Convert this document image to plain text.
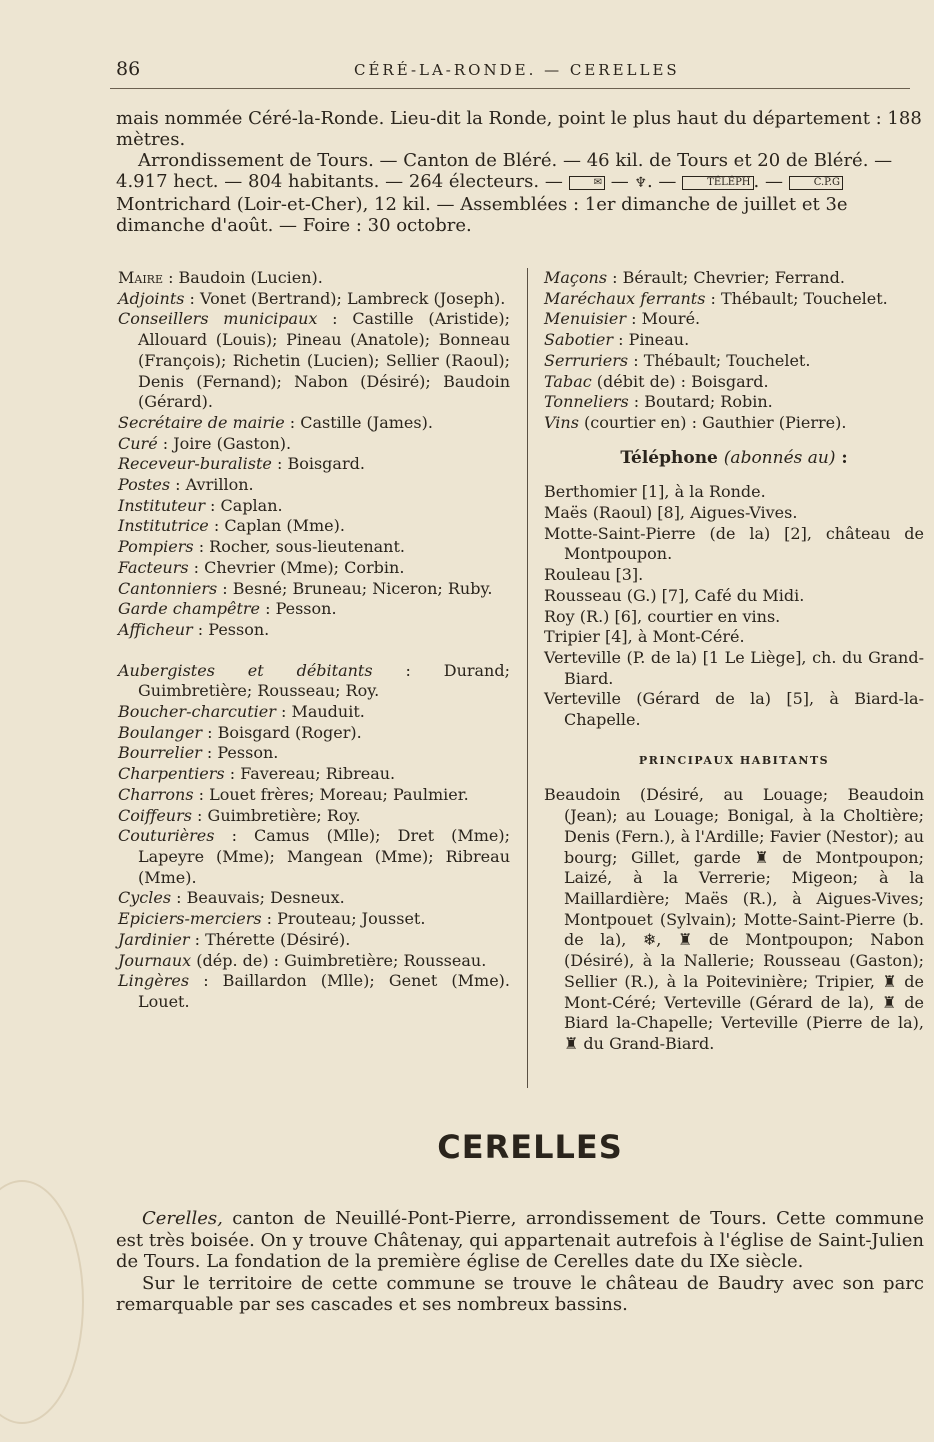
86	CÉRÉ-LA-RONDE. — CERELLES

mais nommée Céré-la-Ronde. Lieu-dit la Ronde, point le plus haut du département : 188 mètres.

Arrondissement de Tours. — Canton de Bléré. — 46 kil. de Tours et 20 de Bléré. — 4.917 hect. — 804 habitants. — 264 électeurs. —	✉ — ♆. —	TÉLÉPH . —	C.P.G Montrichard (Loir-et-Cher), 12 kil. — Assemblées : 1er dimanche de juillet et 3e dimanche d'août. — Foire : 30 octobre.

Maire : Baudoin (Lucien).

Adjoints : Vonet (Bertrand); Lambreck (Joseph).

Conseillers municipaux : Castille (Aristide); Allouard (Louis); Pineau (Anatole); Bonneau (François); Richetin (Lucien); Sellier (Raoul); Denis (Fernand); Nabon (Désiré); Baudoin (Gérard).

Secrétaire de mairie : Castille (James).

Curé : Joire (Gaston).

Receveur-buraliste : Boisgard.

Postes : Avrillon.

Instituteur : Caplan.

Institutrice : Caplan (Mme).

Pompiers : Rocher, sous-lieutenant.

Facteurs : Chevrier (Mme); Corbin.

Cantonniers : Besné; Bruneau; Niceron; Ruby.

Garde champêtre : Pesson.

Afficheur : Pesson.

Aubergistes et débitants : Durand; Guimbretière; Rousseau; Roy.

Boucher-charcutier : Mauduit.

Boulanger : Boisgard (Roger).

Bourrelier : Pesson.

Charpentiers : Favereau; Ribreau.

Charrons : Louet frères; Moreau; Paulmier.

Coiffeurs : Guimbretière; Roy.

Couturières : Camus (Mlle); Dret (Mme); Lapeyre (Mme); Mangean (Mme); Ribreau (Mme).

Cycles : Beauvais; Desneux.

Epiciers-merciers : Prouteau; Jousset.

Jardinier : Thérette (Désiré).

Journaux (dép. de) : Guimbretière; Rousseau.

Lingères : Baillardon (Mlle); Genet (Mme). Louet.

Maçons : Bérault; Chevrier; Ferrand.

Maréchaux ferrants : Thébault; Touchelet.

Menuisier : Mouré.

Sabotier : Pineau.

Serruriers : Thébault; Touchelet.

Tabac (débit de) : Boisgard.

Tonneliers : Boutard; Robin.

Vins (courtier en) : Gauthier (Pierre).

Téléphone (abonnés au) :

Berthomier [1], à la Ronde.

Maës (Raoul) [8], Aigues-Vives.

Motte-Saint-Pierre (de la) [2], château de Montpoupon.

Rouleau [3].

Rousseau (G.) [7], Café du Midi.

Roy (R.) [6], courtier en vins.

Tripier [4], à Mont-Céré.

Verteville (P. de la) [1 Le Liège], ch. du Grand-Biard.

Verteville (Gérard de la) [5], à Biard-la-Chapelle.

PRINCIPAUX HABITANTS

Beaudoin (Désiré, au Louage; Beaudoin (Jean); au Louage; Bonigal, à la Choltière; Denis (Fern.), à l'Ardille; Favier (Nestor); au bourg; Gillet, garde ♜ de Montpoupon; Laizé, à la Verrerie; Migeon; à la Maillardière; Maës (R.), à Aigues-Vives; Montpouet (Sylvain); Motte-Saint-Pierre (b. de la), ❄, ♜ de Montpoupon; Nabon (Désiré), à la Nallerie; Rousseau (Gaston); Sellier (R.), à la Poitevinière; Tripier, ♜ de Mont-Céré; Verteville (Gérard de la), ♜ de Biard la-Chapelle; Verteville (Pierre de la), ♜ du Grand-Biard.

CERELLES

Cerelles, canton de Neuillé-Pont-Pierre, arrondissement de Tours. Cette commune est très boisée. On y trouve Châtenay, qui appartenait autrefois à l'église de Saint-Julien de Tours. La fondation de la première église de Cerelles date du IXe siècle.

Sur le territoire de cette commune se trouve le château de Baudry avec son parc remarquable par ses cascades et ses nombreux bassins.
